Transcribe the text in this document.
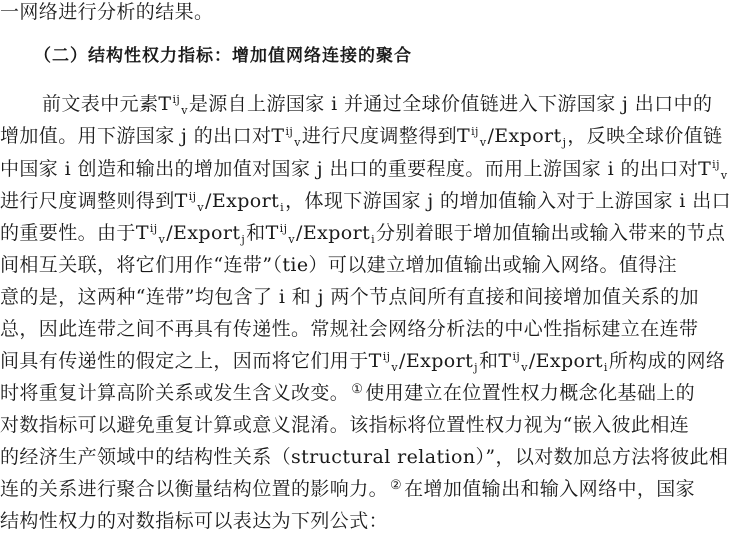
一网络进行分析的结果。
（二）结构性权力指标：增加值网络连接的聚合
前文表中元素$T^{ij}_v$是源自上游国家 i 并通过全球价值链进入下游国家 j 出口中的
增加值。用下游国家 j 的出口对$T^{ij}_v$进行尺度调整得到$T^{ij}_v/Export_j$，反映全球价值链
中国家 i 创造和输出的增加值对国家 j 出口的重要程度。而用上游国家 i 的出口对$T^{ij}_v$
进行尺度调整则得到$T^{ij}_v/Export_i$，体现下游国家 j 的增加值输入对于上游国家 i 出口
的重要性。由于$T^{ij}_v/Export_j$和$T^{ij}_v/Export_i$分别着眼于增加值输出或输入带来的节点
间相互关联，将它们用作“连带”（tie）可以建立增加值输出或输入网络。值得注
意的是，这两种“连带”均包含了 i 和 j 两个节点间所有直接和间接增加值关系的加
总，因此连带之间不再具有传递性。常规社会网络分析法的中心性指标建立在连带
间具有传递性的假定之上，因而将它们用于$T^{ij}_v/Export_j$和$T^{ij}_v/Export_i$所构成的网络
时将重复计算高阶关系或发生含义改变。 ① 使用建立在位置性权力概念化基础上的
对数指标可以避免重复计算或意义混淆。该指标将位置性权力视为“嵌入彼此相连
的经济生产领域中的结构性关系（structural relation）”，以对数加总方法将彼此相
连的关系进行聚合以衡量结构位置的影响力。 ② 在增加值输出和输入网络中，国家
结构性权力的对数指标可以表达为下列公式：
